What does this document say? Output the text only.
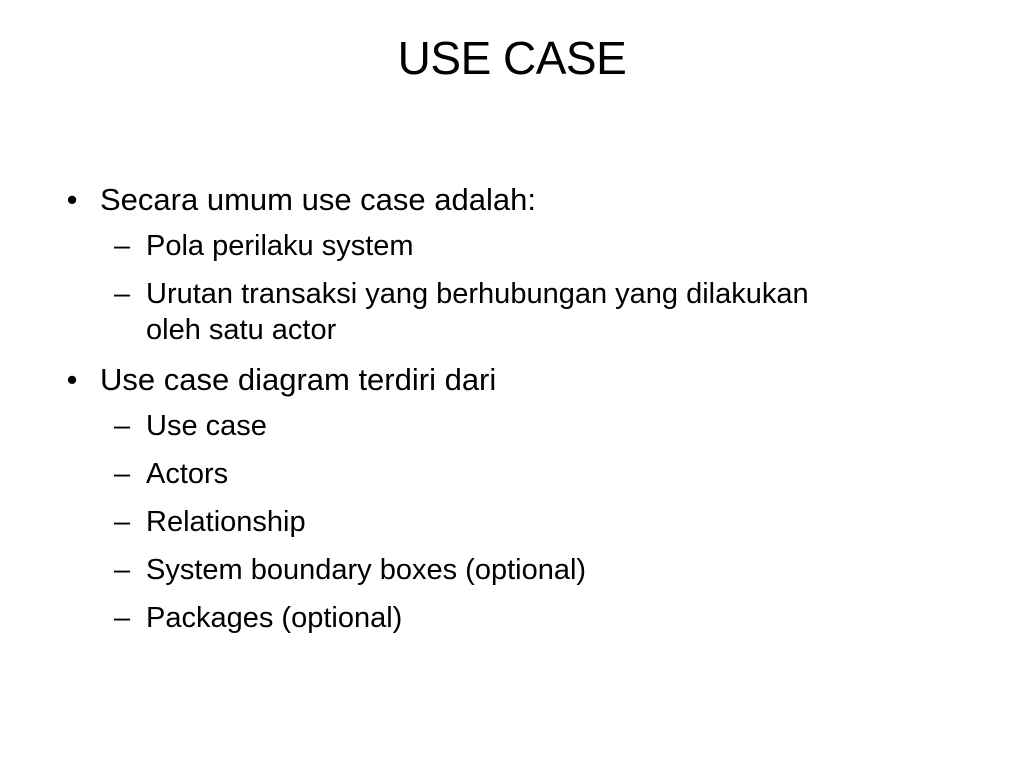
USE CASE
• Secara umum use case adalah:
– Pola perilaku system
– Urutan transaksi yang berhubungan yang dilakukan oleh satu actor
• Use case diagram terdiri dari
– Use case
– Actors
– Relationship
– System boundary boxes (optional)
– Packages (optional)
